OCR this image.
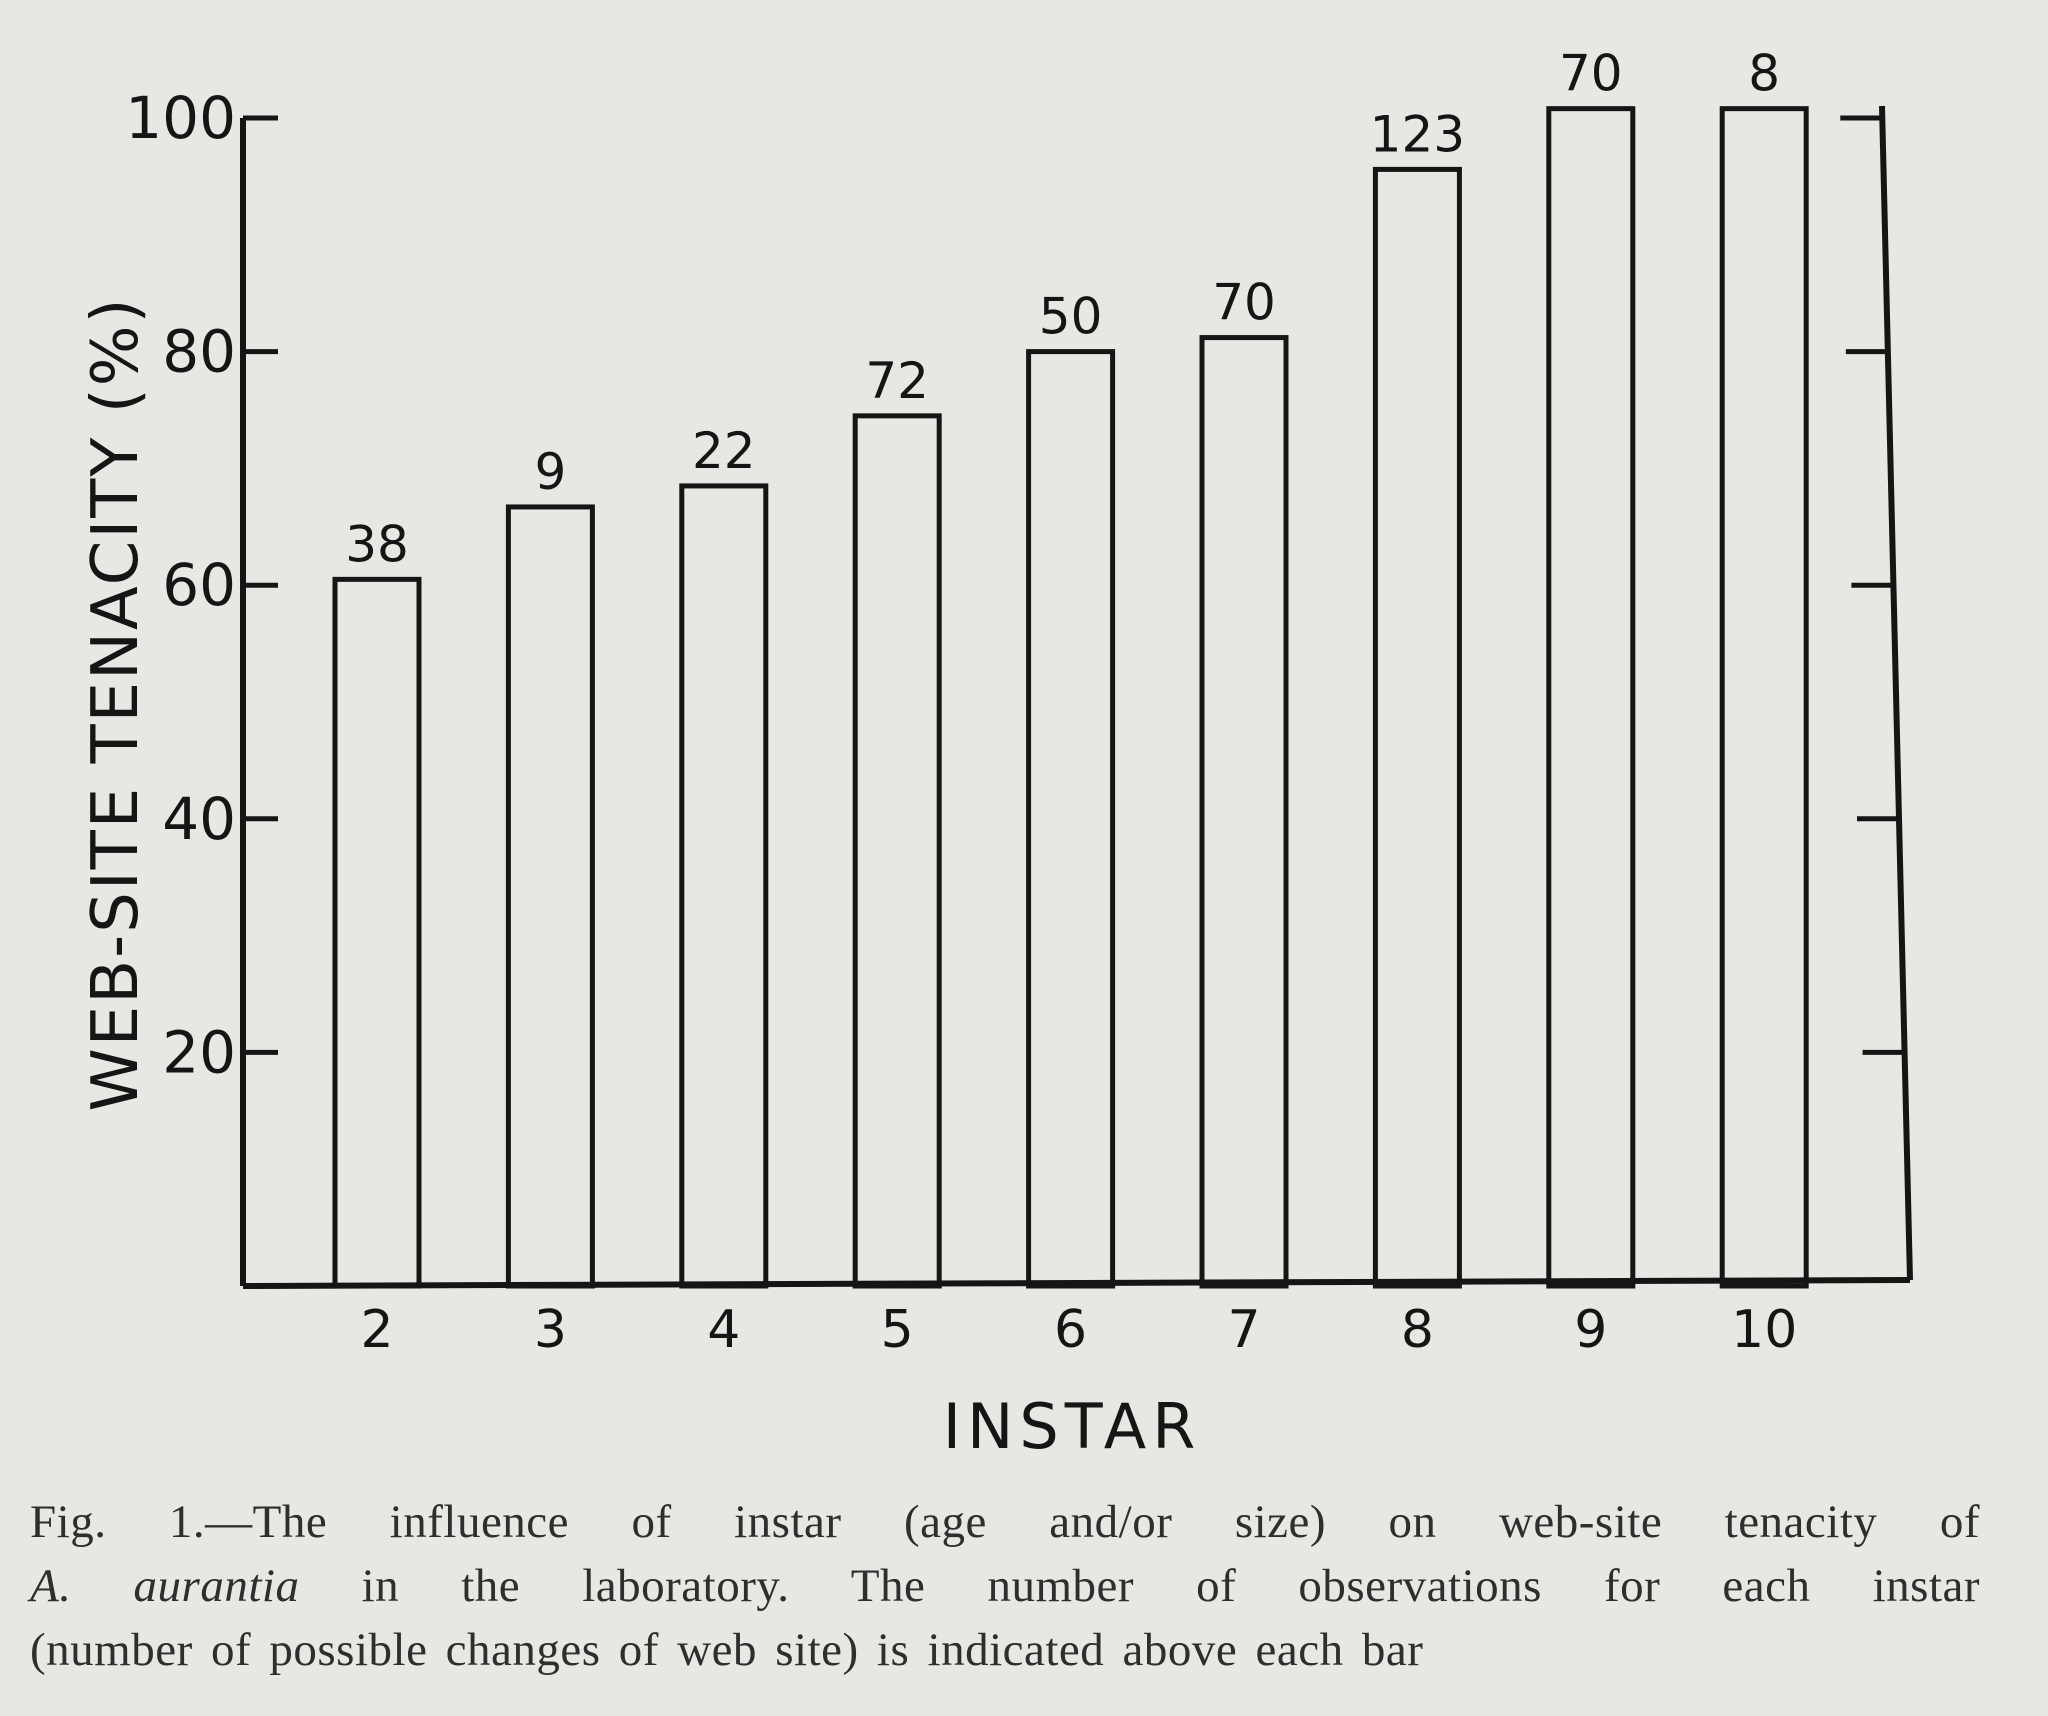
20
40
60
80
100
38
9	22
72
50 70
123
70	8
2	3	4	5	6	7	8	9 10
WEB-SITE TENACITY (%)
INSTAR
Fig. 1.—The influence of instar (age and/or size) on web-site tenacity of
A. aurantia in the laboratory. The number of observations for each instar
(number of possible changes of web site) is indicated above each bar
